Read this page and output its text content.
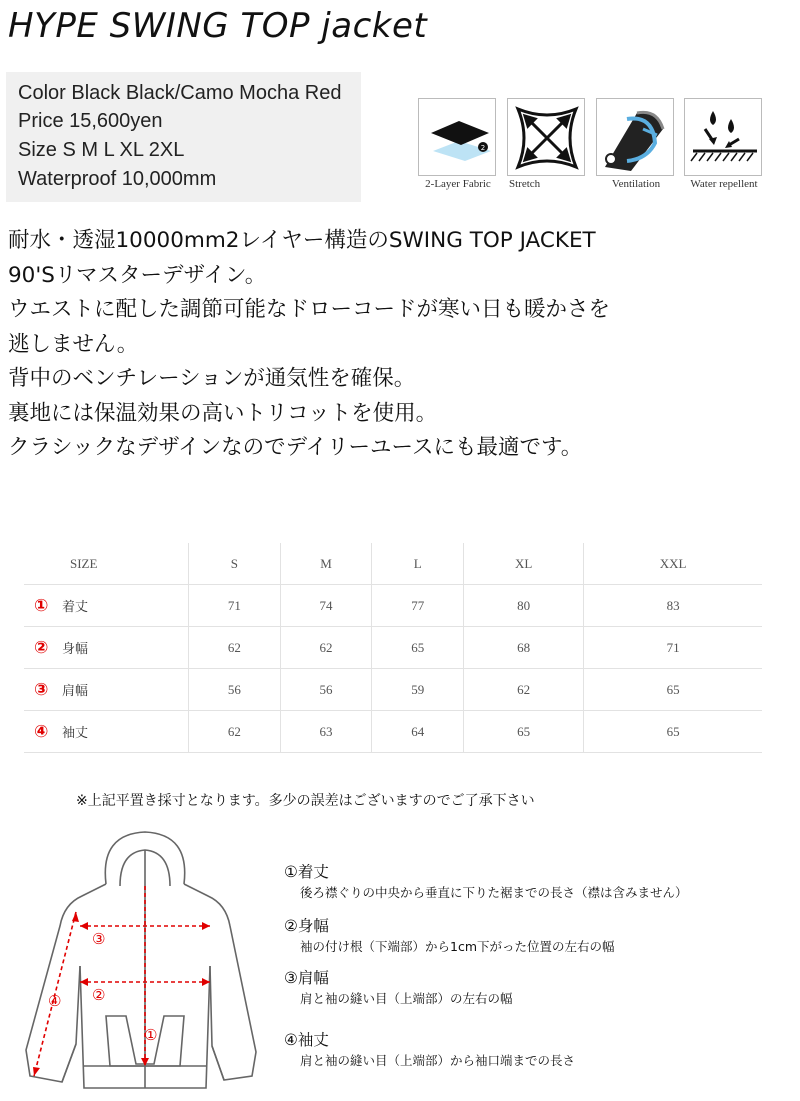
HYPE SWING TOP jacket
Color Black Black/Camo Mocha Red
Price 15,600yen
Size S M L XL 2XL
Waterproof 10,000mm
2
2-Layer Fabric	Stretch	Ventilation	Water repellent
耐水・透湿10000mm2レイヤー構造のSWING TOP JACKET
90'Sリマスターデザイン。
ウエストに配した調節可能なドローコードが寒い日も暖かさを
逃しません。
背中のベンチレーションが通気性を確保。
裏地には保温効果の高いトリコットを使用。
クラシックなデザインなのでデイリーユースにも最適です。
SIZE	S	M	L	XL	XXL
① 着丈	71	74	77	80	83
② 身幅	62	62	65	68	71
③ 肩幅	56	56	59	62	65
④ 袖丈	62	63	64	65	65
※上記平置き採寸となります。多少の誤差はございますのでご了承下さい
③
②
④
①
①着丈
後ろ襟ぐりの中央から垂直に下りた裾までの長さ（襟は含みません）
②身幅
袖の付け根（下端部）から1cm下がった位置の左右の幅
③肩幅
肩と袖の縫い目（上端部）の左右の幅
④袖丈
肩と袖の縫い目（上端部）から袖口端までの長さ
